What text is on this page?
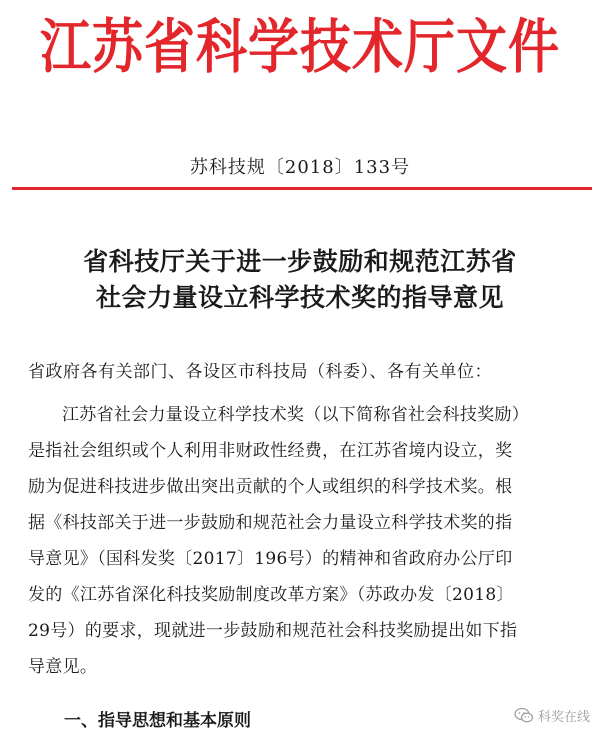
江苏省科学技术厅文件
苏科技规〔2018〕133号
省科技厅关于进一步鼓励和规范江苏省
社会力量设立科学技术奖的指导意见
省政府各有关部门、各设区市科技局（科委）、各有关单位：
江苏省社会力量设立科学技术奖（以下简称省社会科技奖励）
是指社会组织或个人利用非财政性经费，在江苏省境内设立，奖
励为促进科技进步做出突出贡献的个人或组织的科学技术奖。根
据《科技部关于进一步鼓励和规范社会力量设立科学技术奖的指
导意见》（国科发奖〔2017〕196号）的精神和省政府办公厅印
发的《江苏省深化科技奖励制度改革方案》（苏政办发〔2018〕
29号）的要求，现就进一步鼓励和规范社会科技奖励提出如下指
导意见。
一、指导思想和基本原则	科奖在线
